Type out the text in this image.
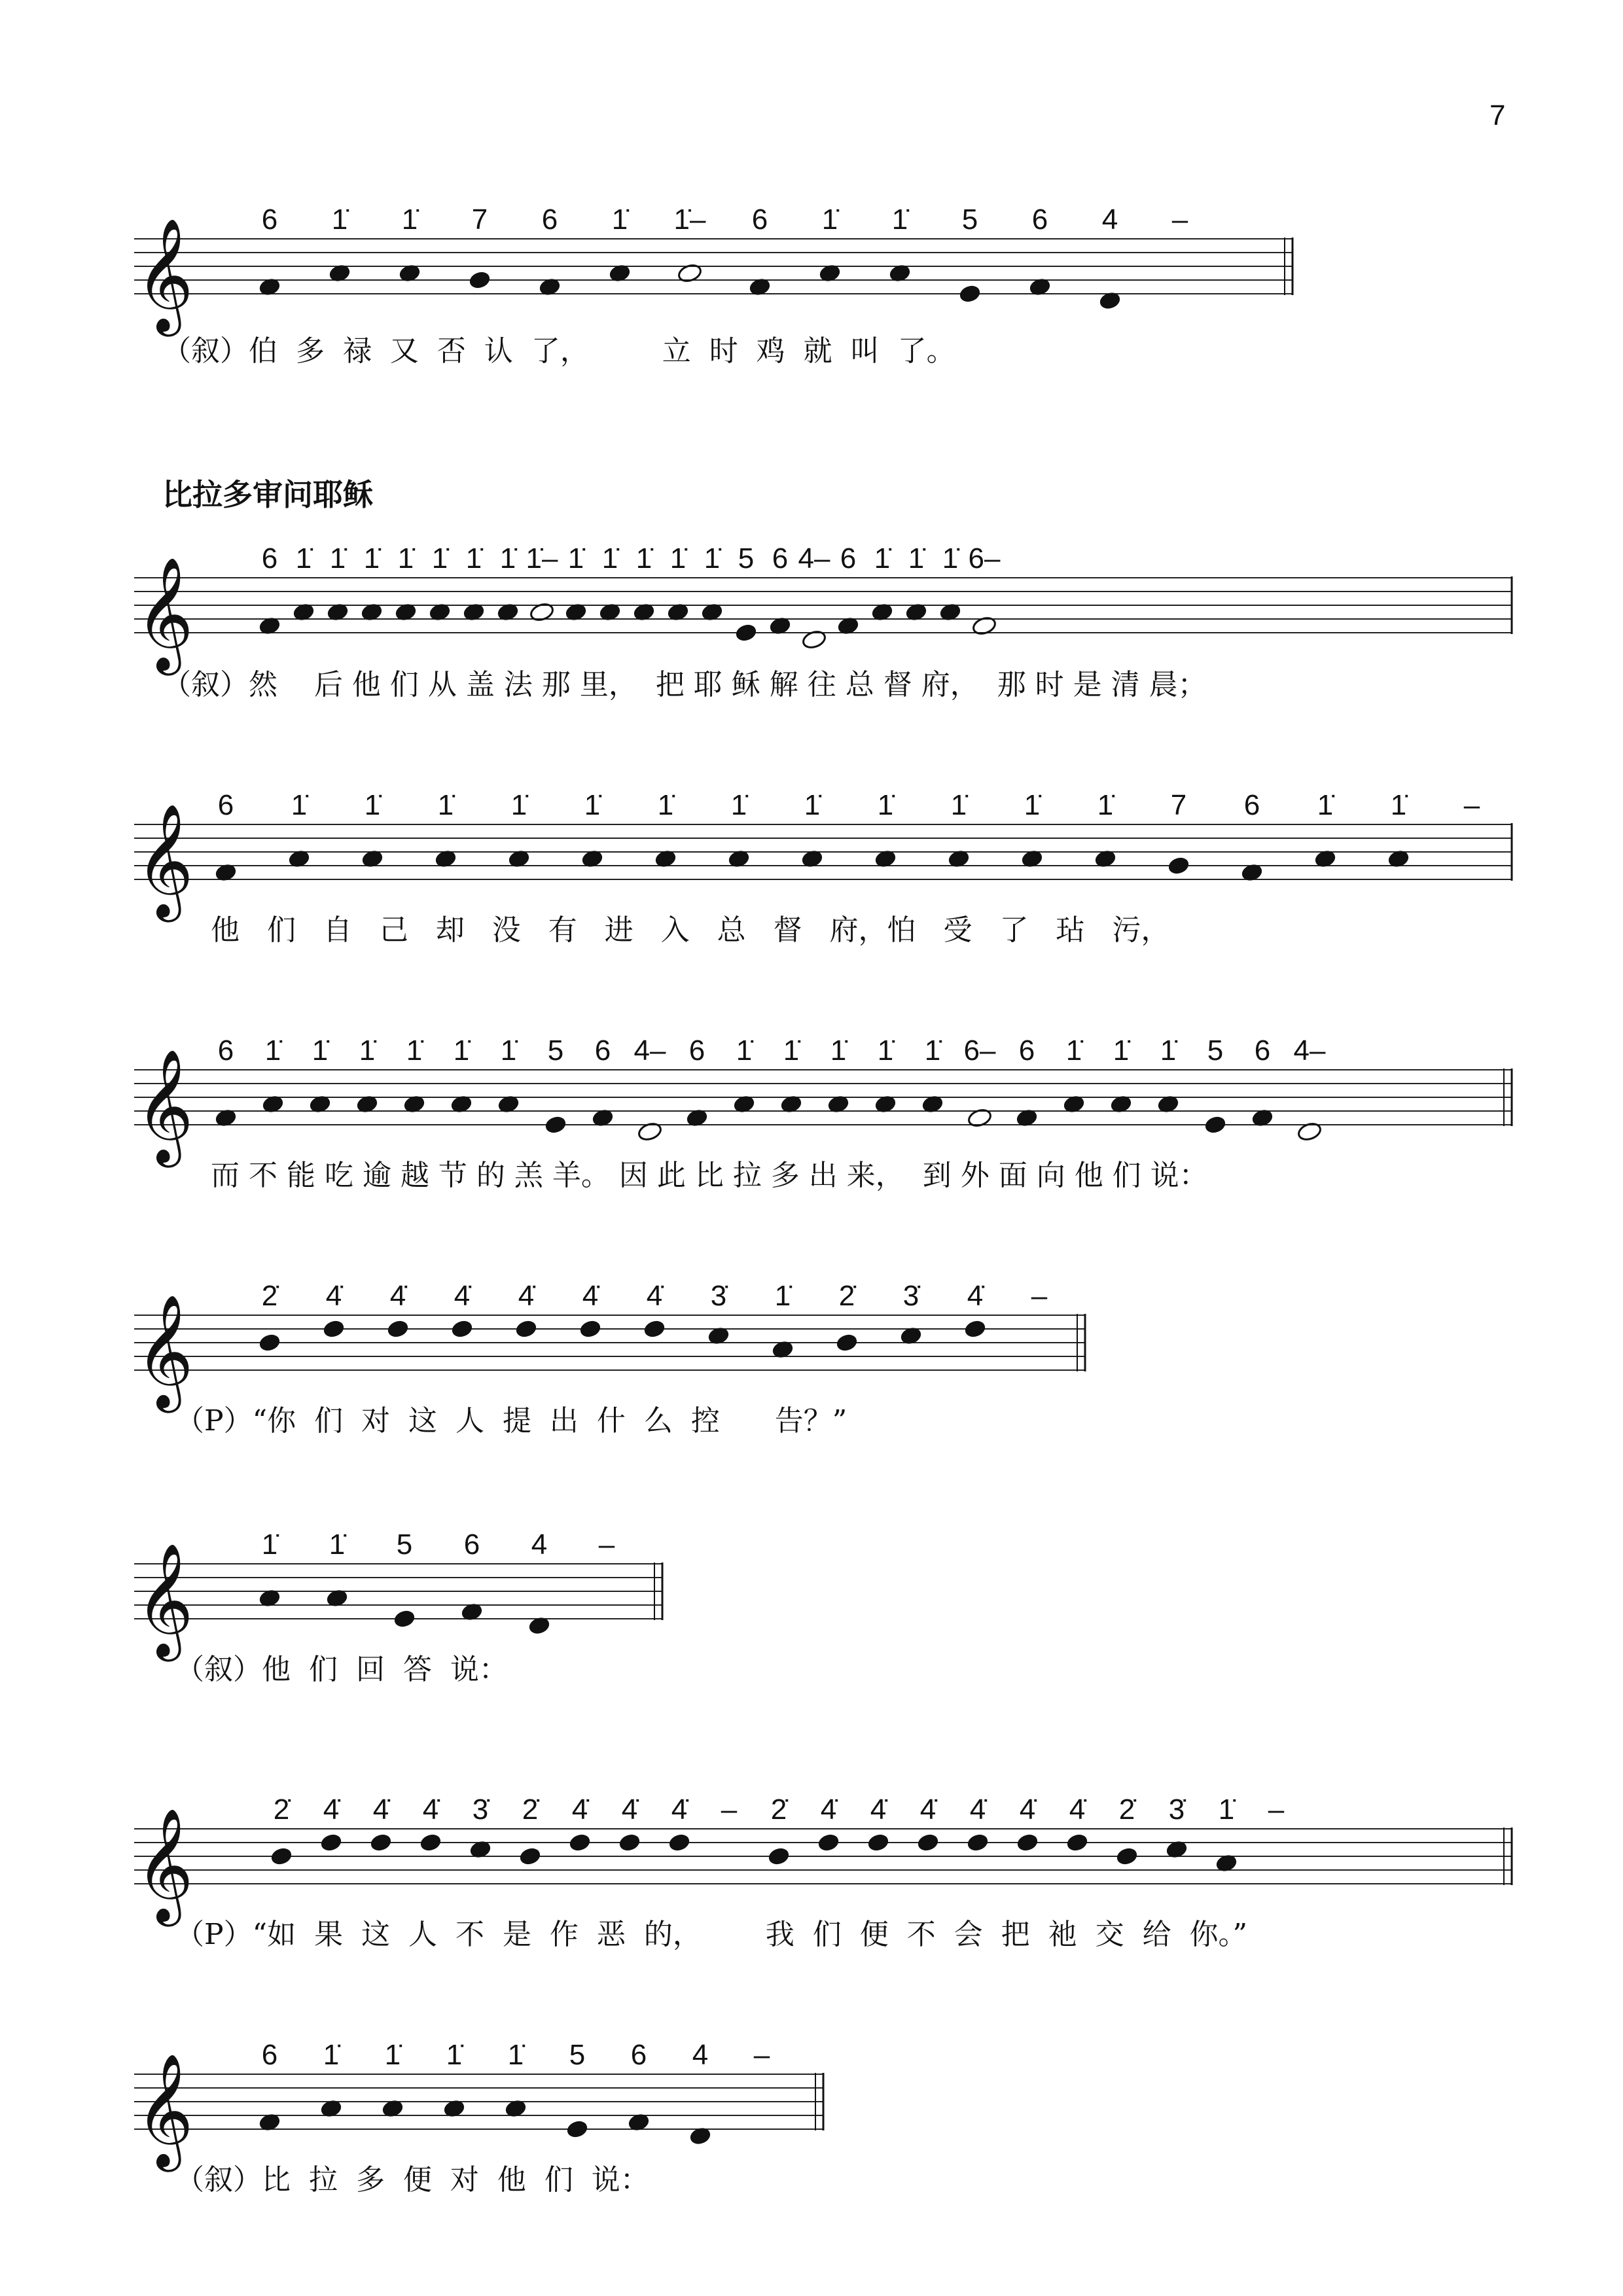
7
比拉多审问耶稣
𝄞 6 1̇ 1̇ 7 6 1̇ 1̇– 6 1̇ 1̇ 5 6 4 –
𝄞 6 1̇ 1̇ 1̇ 1̇ 1̇ 1̇ 1̇ 1̇– 1̇ 1̇ 1̇ 1̇ 1̇ 5 6 4– 6 1̇ 1̇ 1̇ 6–
𝄞 6 1̇ 1̇ 1̇ 1̇ 1̇ 1̇ 1̇ 1̇ 1̇ 1̇ 1̇ 1̇ 7 6 1̇ 1̇ –
𝄞 6 1̇ 1̇ 1̇ 1̇ 1̇ 1̇ 5 6 4– 6 1̇ 1̇ 1̇ 1̇ 1̇ 6– 6 1̇ 1̇ 1̇ 5 6 4–
𝄞 2̇ 4̇ 4̇ 4̇ 4̇ 4̇ 4̇ 3̇ 1̇ 2̇ 3̇ 4̇ –
𝄞 1̇ 1̇ 5 6 4 –
𝄞	2̇ 4̇ 4̇ 4̇ 3̇ 2̇ 4̇ 4̇ 4̇ – 2̇ 4̇ 4̇ 4̇ 4̇ 4̇ 4̇ 2̇ 3̇ 1̇ –
𝄞 6 1̇ 1̇ 1̇ 1̇ 5 6 4 –
（叙）伯  多  禄  又  否  认  了，        立  时  鸡  就  叫  了。
（叙）然    后 他 们 从 盖 法 那 里，  把 耶 稣 解 往 总 督 府，  那 时 是 清 晨；
他   们   自   己   却   没   有   进   入   总   督   府，怕   受   了   玷   污，
而 不 能 吃 逾 越 节 的 羔 羊。 因 此 比 拉 多 出 来，  到 外 面 向 他 们 说：
（P）“你  们  对  这  人  提  出  什  么  控      告？”
（叙）他  们  回  答  说：
（P）“如  果  这  人  不  是  作  恶  的，       我  们  便  不  会  把  祂  交  给  你。”
（叙）比  拉  多  便  对  他  们  说：
